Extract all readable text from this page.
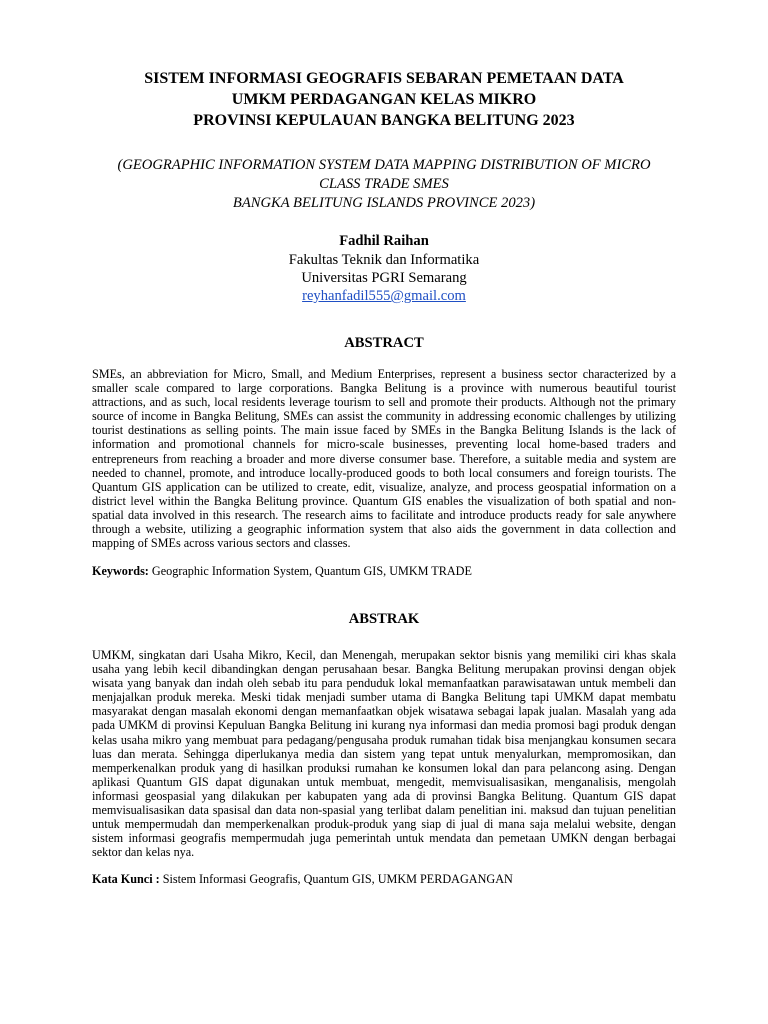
SISTEM INFORMASI GEOGRAFIS SEBARAN PEMETAAN DATA
UMKM PERDAGANGAN KELAS MIKRO
PROVINSI KEPULAUAN BANGKA BELITUNG 2023

(GEOGRAPHIC INFORMATION SYSTEM DATA MAPPING DISTRIBUTION OF MICRO
CLASS TRADE SMES
BANGKA BELITUNG ISLANDS PROVINCE 2023)

Fadhil Raihan

Fakultas Teknik dan Informatika
Universitas PGRI Semarang
reyhanfadil555@gmail.com

ABSTRACT

SMEs, an abbreviation for Micro, Small, and Medium Enterprises, represent a business sector characterized by a smaller scale compared to large corporations. Bangka Belitung is a province with numerous beautiful tourist attractions, and as such, local residents leverage tourism to sell and promote their products. Although not the primary source of income in Bangka Belitung, SMEs can assist the community in addressing economic challenges by utilizing tourist destinations as selling points. The main issue faced by SMEs in the Bangka Belitung Islands is the lack of information and promotional channels for micro-scale businesses, preventing local home-based traders and entrepreneurs from reaching a broader and more diverse consumer base. Therefore, a suitable media and system are needed to channel, promote, and introduce locally-produced goods to both local consumers and foreign tourists. The Quantum GIS application can be utilized to create, edit, visualize, analyze, and process geospatial information on a district level within the Bangka Belitung province. Quantum GIS enables the visualization of both spatial and non-spatial data involved in this research. The research aims to facilitate and introduce products ready for sale anywhere through a website, utilizing a geographic information system that also aids the government in data collection and mapping of SMEs across various sectors and classes.

Keywords: Geographic Information System, Quantum GIS, UMKM TRADE

ABSTRAK

UMKM, singkatan dari Usaha Mikro, Kecil, dan Menengah, merupakan sektor bisnis yang memiliki ciri khas skala usaha yang lebih kecil dibandingkan dengan perusahaan besar. Bangka Belitung merupakan provinsi dengan objek wisata yang banyak dan indah oleh sebab itu para penduduk lokal memanfaatkan parawisatawan untuk membeli dan menjajalkan produk mereka. Meski tidak menjadi sumber utama di Bangka Belitung tapi UMKM dapat membatu masyarakat dengan masalah ekonomi dengan memanfaatkan objek wisatawa sebagai lapak jualan. Masalah yang ada pada UMKM di provinsi Kepuluan Bangka Belitung ini kurang nya informasi dan media promosi bagi produk dengan kelas usaha mikro yang membuat para pedagang/pengusaha produk rumahan tidak bisa menjangkau konsumen secara luas dan merata. Sehingga diperlukanya media dan sistem yang tepat untuk menyalurkan, mempromosikan, dan memperkenalkan produk yang di hasilkan produksi rumahan ke konsumen lokal dan para pelancong asing. Dengan aplikasi Quantum GIS dapat digunakan untuk membuat, mengedit, memvisualisasikan, menganalisis, mengolah informasi geospasial yang dilakukan per kabupaten yang ada di provinsi Bangka Belitung. Quantum GIS dapat memvisualisasikan data spasisal dan data non-spasial yang terlibat dalam penelitian ini. maksud dan tujuan penelitian untuk mempermudah dan memperkenalkan produk-produk yang siap di jual di mana saja melalui website, dengan sistem informasi geografis mempermudah juga pemerintah untuk mendata dan pemetaan UMKN dengan berbagai sektor dan kelas nya.

Kata Kunci : Sistem Informasi Geografis, Quantum GIS, UMKM PERDAGANGAN
